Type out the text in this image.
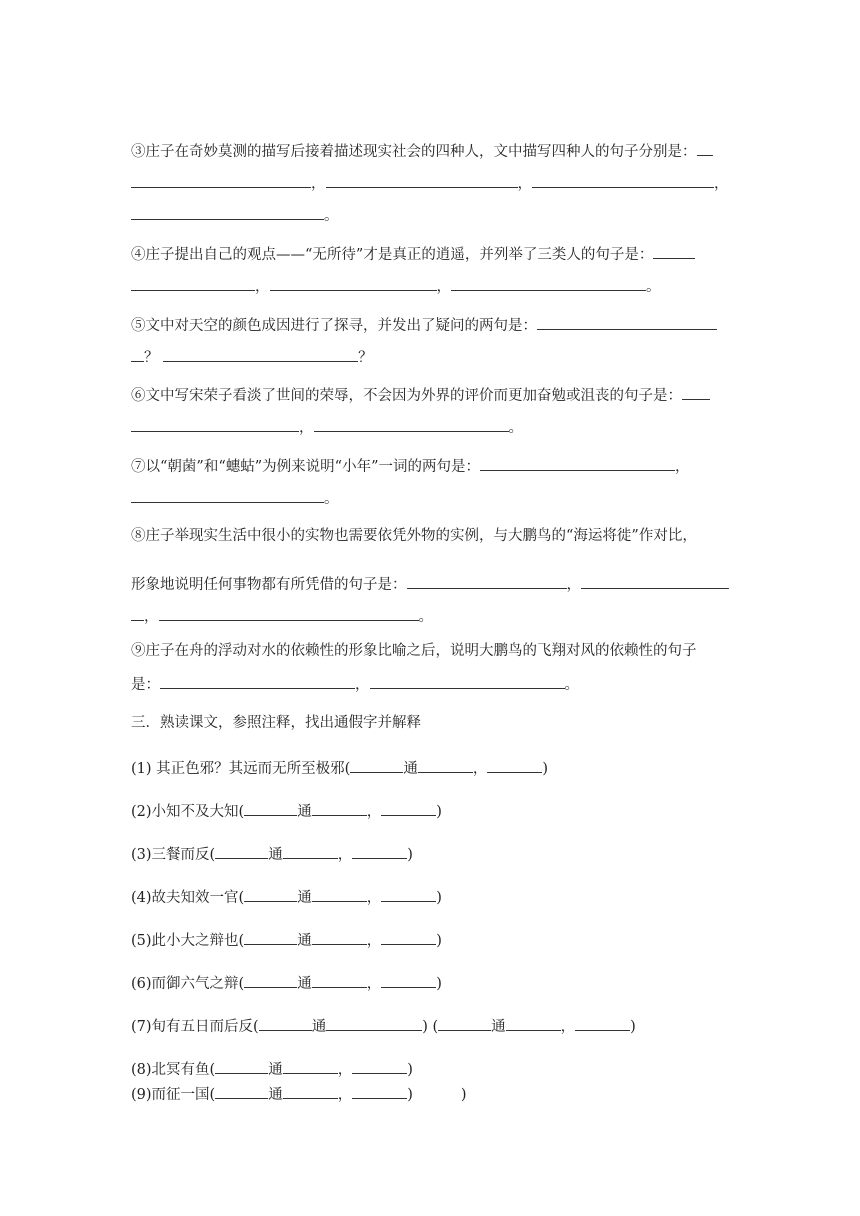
③庄子在奇妙莫测的描写后接着描述现实社会的四种人，文中描写四种人的句子分别是：
，	，	，
。
④庄子提出自己的观点——“无所待”才是真正的逍遥，并列举了三类人的句子是：
，	，	。
⑤文中对天空的颜色成因进行了探寻，并发出了疑问的两句是：
？	？
⑥文中写宋荣子看淡了世间的荣辱，不会因为外界的评价而更加奋勉或沮丧的句子是：
，	。
⑦以“朝菌”和“蟪蛄”为例来说明“小年”一词的两句是：	，
。
⑧庄子举现实生活中很小的实物也需要依凭外物的实例，与大鹏鸟的“海运将徙”作对比，
形象地说明任何事物都有所凭借的句子是：	，
，	。
⑨庄子在舟的浮动对水的依赖性的形象比喻之后，说明大鹏鸟的飞翔对风的依赖性的句子
是：	，	。
三．熟读课文，参照注释，找出通假字并解释
(1) 其正色邪？其远而无所至极邪(	通	，	)
(2)小知不及大知(	通	，	)
(3)三餐而反(	通	，	)
(4)故夫知效一官(	通	，	)
(5)此小大之辩也(	通	，	)
(6)而御六气之辩(	通	，	)
(7)旬有五日而后反(	通	) (	通	，	)
(8)北冥有鱼(	通	，	)
(9)而征一国(	通	，	)	)
